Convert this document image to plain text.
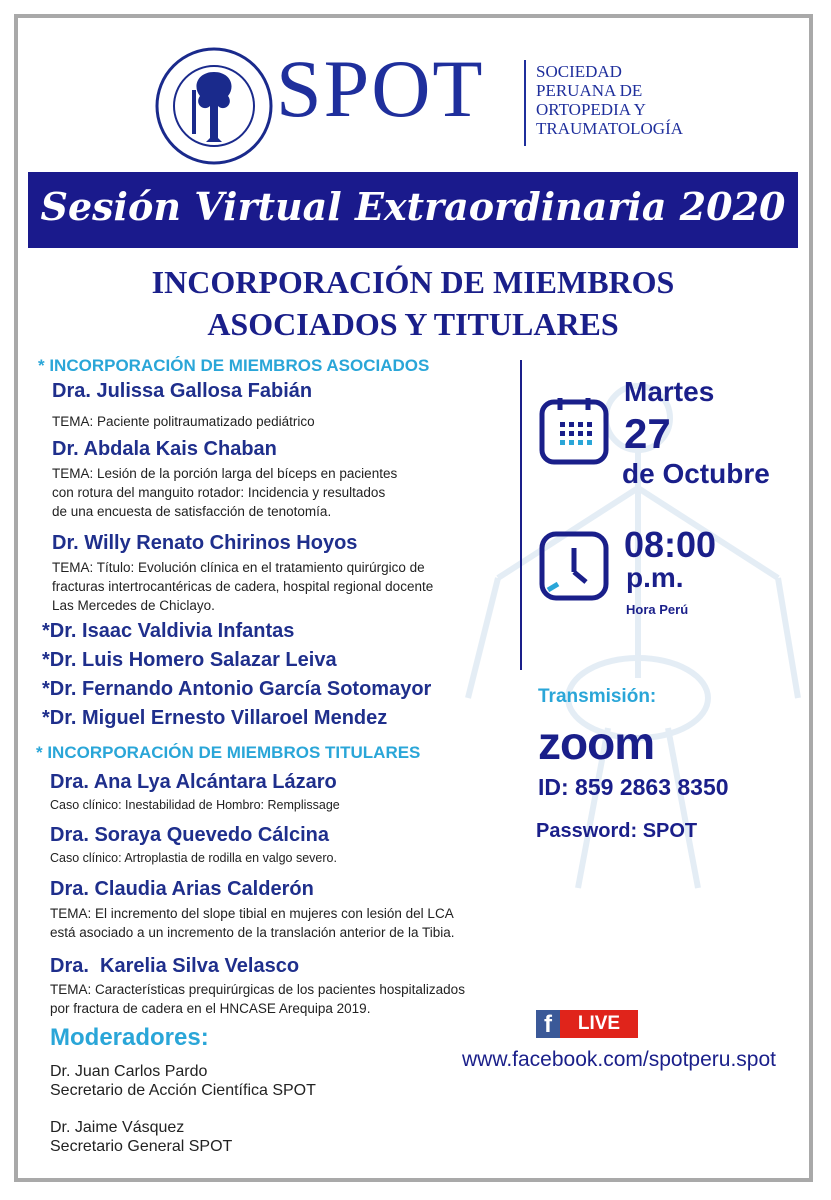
SPOT	SOCIEDAD
PERUANA DE
ORTOPEDIA Y
TRAUMATOLOGÍA
Sesión Virtual Extraordinaria 2020
INCORPORACIÓN DE MIEMBROS
ASOCIADOS Y TITULARES
* INCORPORACIÓN DE MIEMBROS ASOCIADOS
Dra. Julissa Gallosa Fabián
TEMA: Paciente politraumatizado pediátrico
Dr. Abdala Kais Chaban
TEMA: Lesión de la porción larga del bíceps en pacientes
con rotura del manguito rotador: Incidencia y resultados
de una encuesta de satisfacción de tenotomía.
Dr. Willy Renato Chirinos Hoyos
TEMA: Título: Evolución clínica en el tratamiento quirúrgico de
fracturas intertrocantéricas de cadera, hospital regional docente
Las Mercedes de Chiclayo.
*Dr. Isaac Valdivia Infantas
*Dr. Luis Homero Salazar Leiva
*Dr. Fernando Antonio García Sotomayor
*Dr. Miguel Ernesto Villaroel Mendez
* INCORPORACIÓN DE MIEMBROS TITULARES
Dra. Ana Lya Alcántara Lázaro
Caso clínico: Inestabilidad de Hombro: Remplissage
Dra. Soraya Quevedo Cálcina
Caso clínico: Artroplastia de rodilla en valgo severo.
Dra. Claudia Arias Calderón
TEMA: El incremento del slope tibial en mujeres con lesión del LCA
está asociado a un incremento de la translación anterior de la Tibia.
Dra.  Karelia Silva Velasco
TEMA: Características prequirúrgicas de los pacientes hospitalizados
por fractura de cadera en el HNCASE Arequipa 2019.
Martes
27
de Octubre
08:00
p.m.
Hora Perú
Transmisión:
zoom
ID: 859 2863 8350
Password: SPOT
f	LIVE
www.facebook.com/spotperu.spot
Moderadores:
Dr. Juan Carlos Pardo
Secretario de Acción Científica SPOT
Dr. Jaime Vásquez
Secretario General SPOT
